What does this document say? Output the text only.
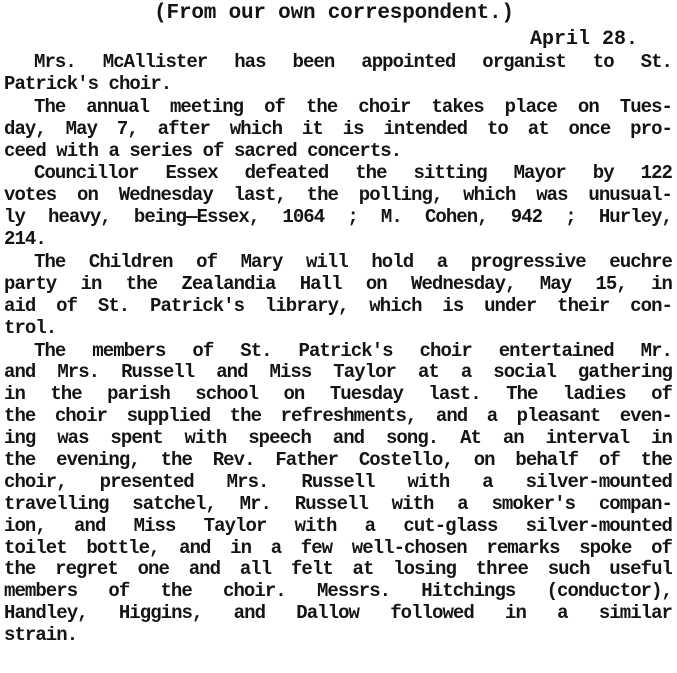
(From our own correspondent.)
April 28.

Mrs. McAllister has been appointed organist to St.
Patrick's choir.

The annual meeting of the choir takes place on Tues-
day, May 7, after which it is intended to at once pro-
ceed with a series of sacred concerts.

Councillor Essex defeated the sitting Mayor by 122
votes on Wednesday last, the polling, which was unusual-
ly heavy, being—Essex, 1064 ; M. Cohen, 942 ; Hurley,
214.

The Children of Mary will hold a progressive euchre
party in the Zealandia Hall on Wednesday, May 15, in
aid of St. Patrick's library, which is under their con-
trol.

The members of St. Patrick's choir entertained Mr.
and Mrs. Russell and Miss Taylor at a social gathering
in the parish school on Tuesday last. The ladies of
the choir supplied the refreshments, and a pleasant even-
ing was spent with speech and song. At an interval in
the evening, the Rev. Father Costello, on behalf of the
choir, presented Mrs. Russell with a silver-mounted
travelling satchel, Mr. Russell with a smoker's compan-
ion, and Miss Taylor with a cut-glass silver-mounted
toilet bottle, and in a few well-chosen remarks spoke of
the regret one and all felt at losing three such useful
members of the choir. Messrs. Hitchings (conductor),
Handley, Higgins, and Dallow followed in a similar
strain.
